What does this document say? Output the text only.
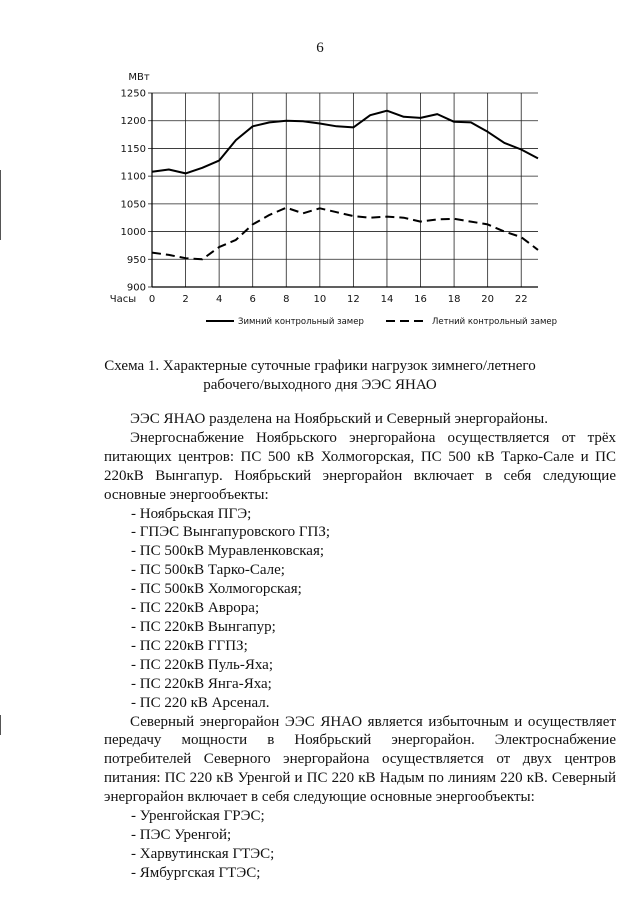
6
900
950
1000
1050
1100
1150
1200
1250
0	2	4	6	8 10 12 14 16 18 20 22
МВт
Часы
Зимний контрольный замер	Летний контрольный замер
Схема 1. Характерные суточные графики нагрузок зимнего/летнего
рабочего/выходного дня ЭЭС ЯНАО

ЭЭС ЯНАО разделена на Ноябрьский и Северный энергорайоны.

Энергоснабжение Ноябрьского энергорайона осуществляется от трёх питающих центров: ПС 500 кВ Холмогорская, ПС 500 кВ Тарко-Сале и ПС 220кВ Вынгапур. Ноябрьский энергорайон включает в себя следующие основные энергообъекты:

- Ноябрьская ПГЭ;
- ГПЭС Вынгапуровского ГПЗ;
- ПС 500кВ Муравленковская;
- ПС 500кВ Тарко-Сале;
- ПС 500кВ Холмогорская;
- ПС 220кВ Аврора;
- ПС 220кВ Вынгапур;
- ПС 220кВ ГГПЗ;
- ПС 220кВ Пуль-Яха;
- ПС 220кВ Янга-Яха;
- ПС 220 кВ Арсенал.

Северный энергорайон ЭЭС ЯНАО является избыточным и осуществляет передачу мощности в Ноябрьский энергорайон. Электроснабжение потребителей Северного энергорайона осуществляется от двух центров питания: ПС 220 кВ Уренгой и ПС 220 кВ Надым по линиям 220 кВ. Северный энергорайон включает в себя следующие основные энергообъекты:

- Уренгойская ГРЭС;
- ПЭС Уренгой;
- Харвутинская ГТЭС;
- Ямбургская ГТЭС;
